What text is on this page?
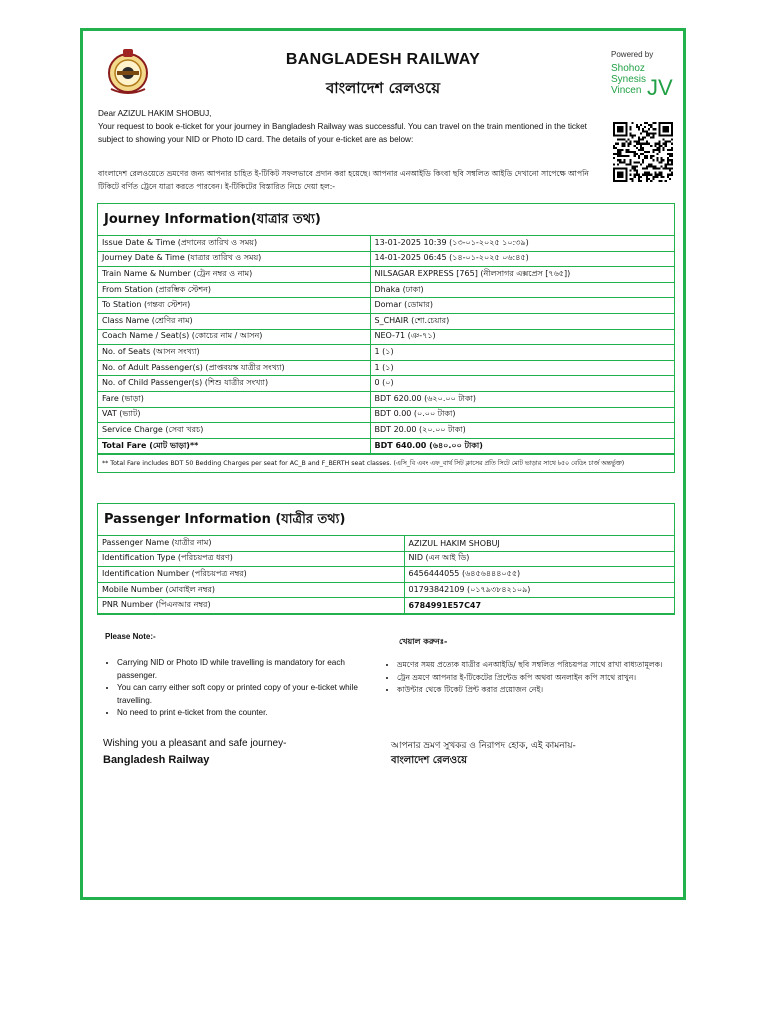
BANGLADESH RAILWAY
বাংলাদেশ রেলওয়ে
Powered by
Shohoz
Synesis
Vincen JV
Dear AZIZUL HAKIM SHOBUJ,
Your request to book e-ticket for your journey in Bangladesh Railway was successful. You can travel on the train mentioned in the ticket subject to showing your NID or Photo ID card. The details of your e-ticket are as below:
বাংলাদেশ রেলওয়েতে ভ্রমণের জন্য আপনার চাহিত ই-টিকিট সফলভাবে প্রদান করা হয়েছে। আপনার এনআইডি কিংবা ছবি সম্বলিত আইডি দেখানো সাপেক্ষে আপনি টিকিটে বর্ণিত ট্রেনে যাত্রা করতে পারবেন। ই-টিকিটের বিস্তারিত নিচে দেয়া হল:-
Journey Information(যাত্রার তথ্য)
Issue Date & Time (প্রদানের তারিখ ও সময়)	13-01-2025 10:39 (১৩-০১-২০২৫ ১০:৩৯)
Journey Date & Time (যাত্রার তারিখ ও সময়)	14-01-2025 06:45 (১৪-০১-২০২৫ ০৬:৪৫)
Train Name & Number (ট্রেন নম্বর ও নাম)	NILSAGAR EXPRESS [765] (নীলসাগর এক্সপ্রেস [৭৬৫])
From Station (প্রারম্ভিক স্টেশন)	Dhaka (ঢাকা)
To Station (গন্তব্য স্টেশন)	Domar (ডোমার)
Class Name (শ্রেণির নাম)	S_CHAIR (শো.চেয়ার)
Coach Name / Seat(s) (কোচের নাম / আসন)	NEO-71 (ঞ-৭১)
No. of Seats (আসন সংখ্যা)	1 (১)
No. of Adult Passenger(s) (প্রাপ্তবয়স্ক যাত্রীর সংখ্যা)	1 (১)
No. of Child Passenger(s) (শিশু যাত্রীর সংখ্যা)	0 (০)
Fare (ভাড়া)	BDT 620.00 (৬২০.০০ টাকা)
VAT (ভ্যাট)	BDT 0.00 (০.০০ টাকা)
Service Charge (সেবা খরচ)	BDT 20.00 (২০.০০ টাকা)
Total Fare (মোট ভাড়া)**	BDT 640.00 (৬৪০.০০ টাকা)
** Total Fare includes BDT 50 Bedding Charges per seat for AC_B and F_BERTH seat classes. (এসি_বি এবং এফ_বার্থ সিট ক্লাসের প্রতি সিটে মোট ভাড়ার সাথে ৳৫০ বেডিং চার্জ অন্তর্ভুক্ত)
Passenger Information (যাত্রীর তথ্য)
Passenger Name (যাত্রীর নাম)	AZIZUL HAKIM SHOBUJ
Identification Type (পরিচয়পত্র ধরণ)	NID (এন আই ডি)
Identification Number (পরিচয়পত্র নম্বর)	6456444055 (৬৪৫৬৪৪৪০৫৫)
Mobile Number (মোবাইল নম্বর)	01793842109 (০১৭৯৩৮৪২১০৯)
PNR Number (পিএনআর নম্বর)	6784991E57C47
Please Note:-
• Carrying NID or Photo ID while travelling is mandatory for each passenger.
• You can carry either soft copy or printed copy of your e-ticket while travelling.
• No need to print e-ticket from the counter.
খেয়াল করুনঃ-
• ভ্রমণের সময় প্রত্যেক যাত্রীর এনআইডি/ ছবি সম্বলিত পরিচয়পত্র সাথে রাখা বাধ্যতামূলক।
• ট্রেন ভ্রমণে আপনার ই-টিকেটের প্রিন্টেড কপি অথবা অনলাইন কপি সাথে রাখুন।
• কাউন্টার থেকে টিকেট প্রিন্ট করার প্রয়োজন নেই।
Wishing you a pleasant and safe journey-
Bangladesh Railway
আপনার ভ্রমণ সুখকর ও নিরাপদ হোক, এই কামনায়-
বাংলাদেশ রেলওয়ে
